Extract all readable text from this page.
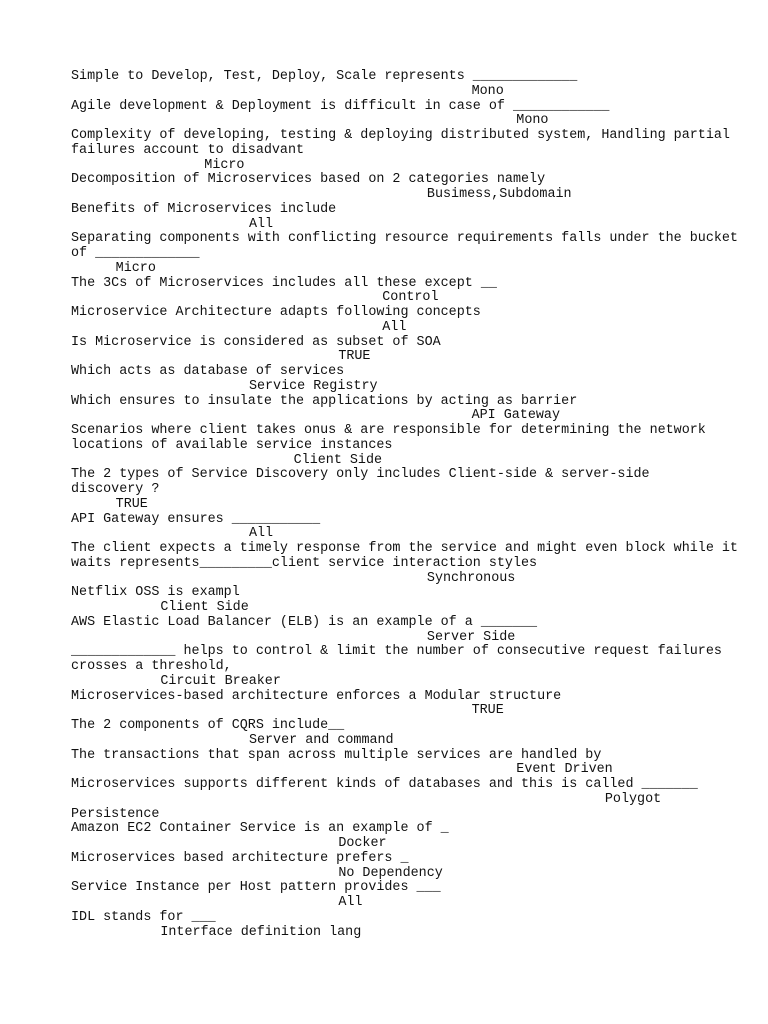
Simple to Develop, Test, Deploy, Scale represents _____________
Mono
Agile development & Deployment is difficult in case of ____________
Mono
Complexity of developing, testing & deploying distributed system, Handling partial
failures account to disadvant
Micro
Decomposition of Microservices based on 2 categories namely
Busimess,Subdomain
Benefits of Microservices include
All
Separating components with conflicting resource requirements falls under the bucket
of _____________
Micro
The 3Cs of Microservices includes all these except __
Control
Microservice Architecture adapts following concepts
All
Is Microservice is considered as subset of SOA
TRUE
Which acts as database of services
Service Registry
Which ensures to insulate the applications by acting as barrier
API Gateway
Scenarios where client takes onus & are responsible for determining the network
locations of available service instances
Client Side
The 2 types of Service Discovery only includes Client-side & server-side
discovery ?
TRUE
API Gateway ensures ___________
All
The client expects a timely response from the service and might even block while it
waits represents_________client service interaction styles
Synchronous
Netflix OSS is exampl
Client Side
AWS Elastic Load Balancer (ELB) is an example of a _______
Server Side
_____________ helps to control & limit the number of consecutive request failures
crosses a threshold,
Circuit Breaker
Microservices-based architecture enforces a Modular structure
TRUE
The 2 components of CQRS include__
Server and command
The transactions that span across multiple services are handled by
Event Driven
Microservices supports different kinds of databases and this is called _______
Polygot
Persistence
Amazon EC2 Container Service is an example of _
Docker
Microservices based architecture prefers _
No Dependency
Service Instance per Host pattern provides ___
All
IDL stands for ___
Interface definition lang
